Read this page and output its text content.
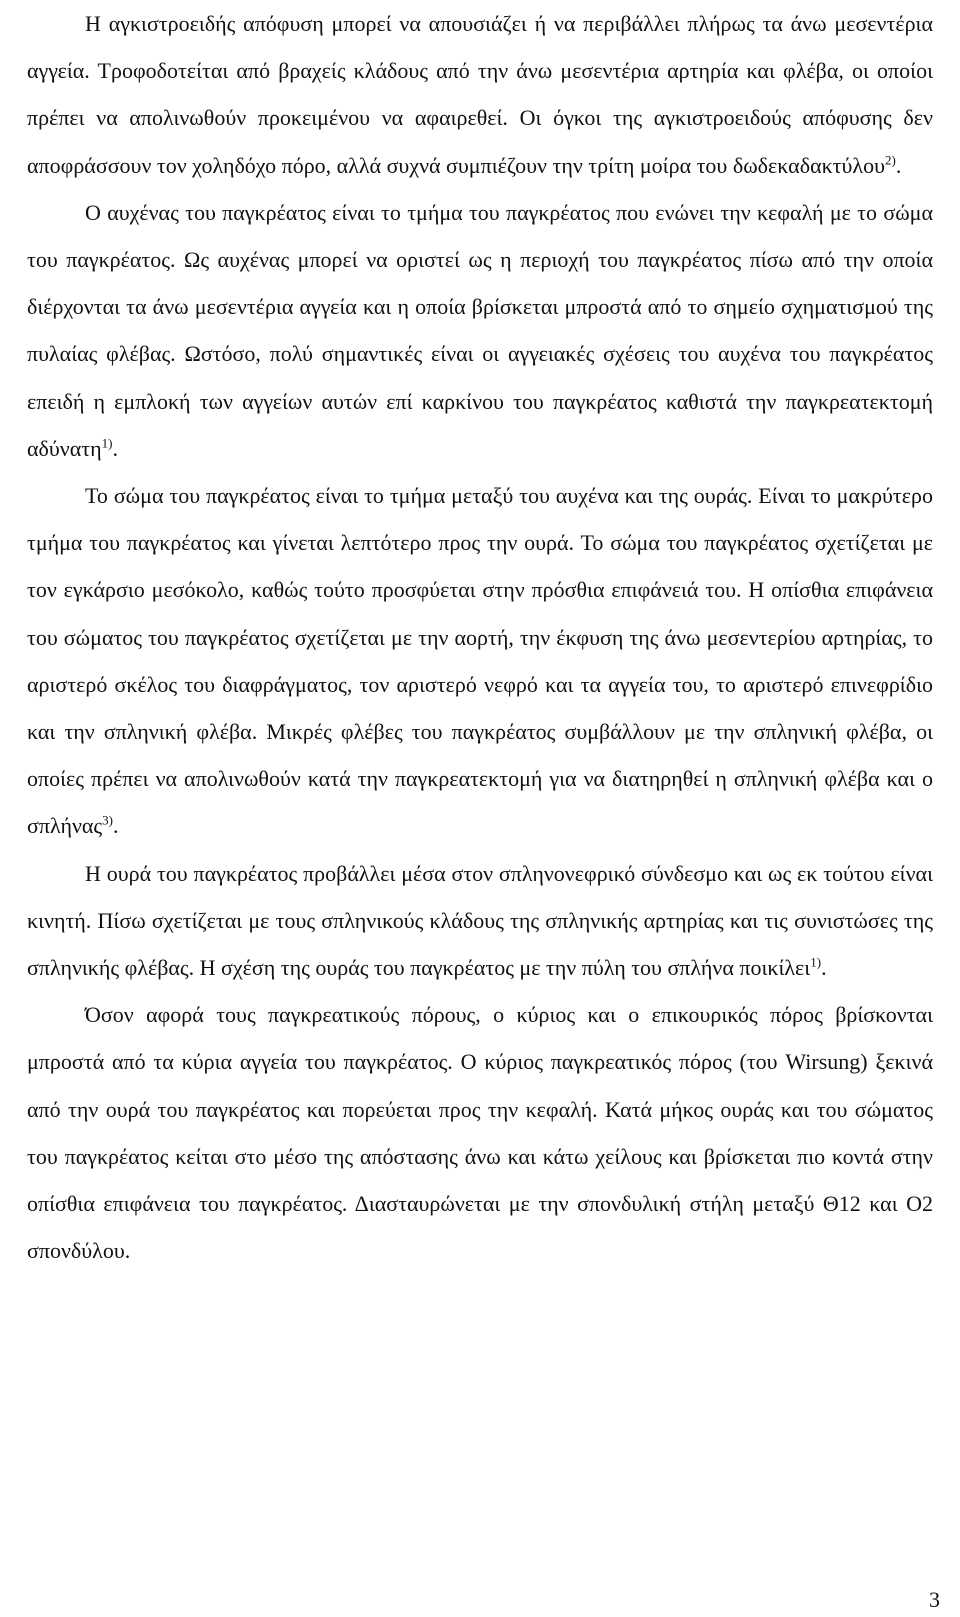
Η αγκιστροειδής απόφυση μπορεί να απουσιάζει ή να περιβάλλει πλήρως τα άνω μεσεντέρια αγγεία. Τροφοδοτείται από βραχείς κλάδους από την άνω μεσεντέρια αρτηρία και φλέβα, οι οποίοι πρέπει να απολινωθούν προκειμένου να αφαιρεθεί. Οι όγκοι της αγκιστροειδούς απόφυσης δεν αποφράσσουν τον χοληδόχο πόρο, αλλά συχνά συμπιέζουν την τρίτη μοίρα του δωδεκαδακτύλου$^{2)}$.

Ο αυχένας του παγκρέατος είναι το τμήμα του παγκρέατος που ενώνει την κεφαλή με το σώμα του παγκρέατος. Ως αυχένας μπορεί να οριστεί ως η περιοχή του παγκρέατος πίσω από την οποία διέρχονται τα άνω μεσεντέρια αγγεία και η οποία βρίσκεται μπροστά από το σημείο σχηματισμού της πυλαίας φλέβας. Ωστόσο, πολύ σημαντικές είναι οι αγγειακές σχέσεις του αυχένα του παγκρέατος επειδή η εμπλοκή των αγγείων αυτών επί καρκίνου του παγκρέατος καθιστά την παγκρεατεκτομή αδύνατη$^{1)}$.

Το σώμα του παγκρέατος είναι το τμήμα μεταξύ του αυχένα και της ουράς. Είναι το μακρύτερο τμήμα του παγκρέατος και γίνεται λεπτότερο προς την ουρά. Το σώμα του παγκρέατος σχετίζεται με τον εγκάρσιο μεσόκολο, καθώς τούτο προσφύεται στην πρόσθια επιφάνειά του. Η οπίσθια επιφάνεια του σώματος του παγκρέατος σχετίζεται με την αορτή, την έκφυση της άνω μεσεντερίου αρτηρίας, το αριστερό σκέλος του διαφράγματος, τον αριστερό νεφρό και τα αγγεία του, το αριστερό επινεφρίδιο και την σπληνική φλέβα. Μικρές φλέβες του παγκρέατος συμβάλλουν με την σπληνική φλέβα, οι οποίες πρέπει να απολινωθούν κατά την παγκρεατεκτομή για να διατηρηθεί η σπληνική φλέβα και ο σπλήνας$^{3)}$.

Η ουρά του παγκρέατος προβάλλει μέσα στον σπληνονεφρικό σύνδεσμο και ως εκ τούτου είναι κινητή. Πίσω σχετίζεται με τους σπληνικούς κλάδους της σπληνικής αρτηρίας και τις συνιστώσες της σπληνικής φλέβας. Η σχέση της ουράς του παγκρέατος με την πύλη του σπλήνα ποικίλει$^{1)}$.

Όσον αφορά τους παγκρεατικούς πόρους, ο κύριος και ο επικουρικός πόρος βρίσκονται μπροστά από τα κύρια αγγεία του παγκρέατος. Ο κύριος παγκρεατικός πόρος (του Wirsung) ξεκινά από την ουρά του παγκρέατος και πορεύεται προς την κεφαλή. Κατά μήκος ουράς και του σώματος του παγκρέατος κείται στο μέσο της απόστασης άνω και κάτω χείλους και βρίσκεται πιο κοντά στην οπίσθια επιφάνεια του παγκρέατος. Διασταυρώνεται με την σπονδυλική στήλη μεταξύ Θ12 και Ο2 σπονδύλου.

3
